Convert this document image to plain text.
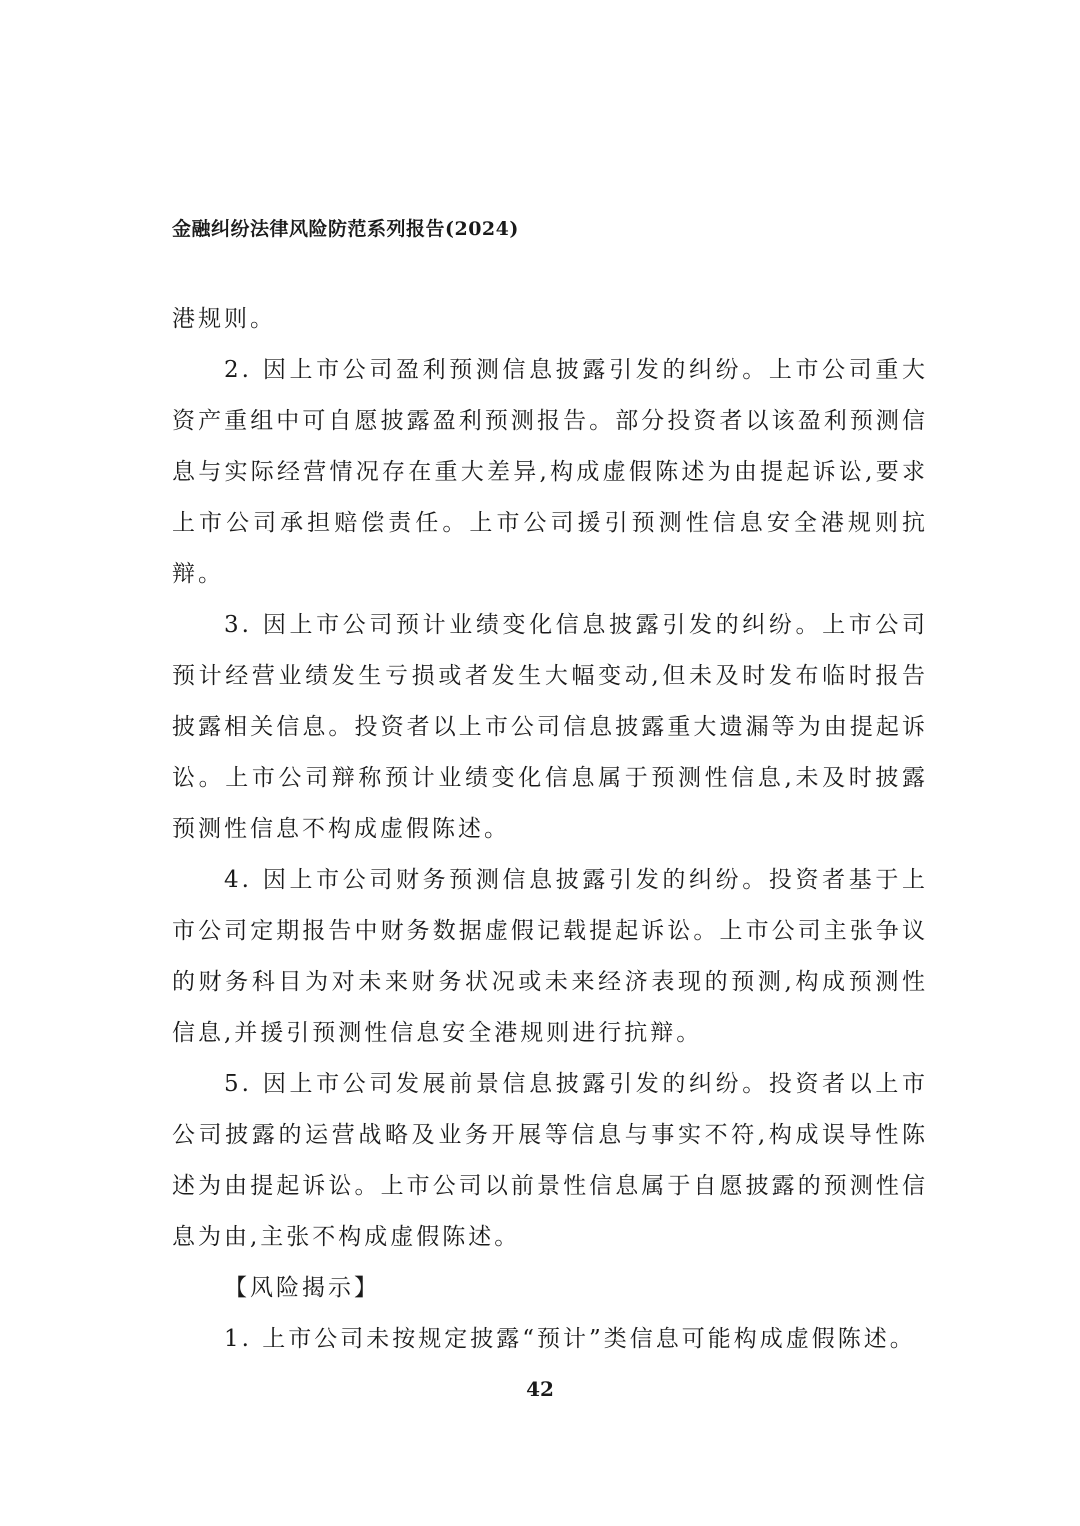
金融纠纷法律风险防范系列报告(2024)

港规则。

2. 因上市公司盈利预测信息披露引发的纠纷。上市公司重大资产重组中可自愿披露盈利预测报告。部分投资者以该盈利预测信息与实际经营情况存在重大差异,构成虚假陈述为由提起诉讼,要求上市公司承担赔偿责任。上市公司援引预测性信息安全港规则抗辩。

3. 因上市公司预计业绩变化信息披露引发的纠纷。上市公司预计经营业绩发生亏损或者发生大幅变动,但未及时发布临时报告披露相关信息。投资者以上市公司信息披露重大遗漏等为由提起诉讼。上市公司辩称预计业绩变化信息属于预测性信息,未及时披露预测性信息不构成虚假陈述。

4. 因上市公司财务预测信息披露引发的纠纷。投资者基于上市公司定期报告中财务数据虚假记载提起诉讼。上市公司主张争议的财务科目为对未来财务状况或未来经济表现的预测,构成预测性信息,并援引预测性信息安全港规则进行抗辩。

5. 因上市公司发展前景信息披露引发的纠纷。投资者以上市公司披露的运营战略及业务开展等信息与事实不符,构成误导性陈述为由提起诉讼。上市公司以前景性信息属于自愿披露的预测性信息为由,主张不构成虚假陈述。

【风险揭示】

1. 上市公司未按规定披露“预计”类信息可能构成虚假陈述。

42
